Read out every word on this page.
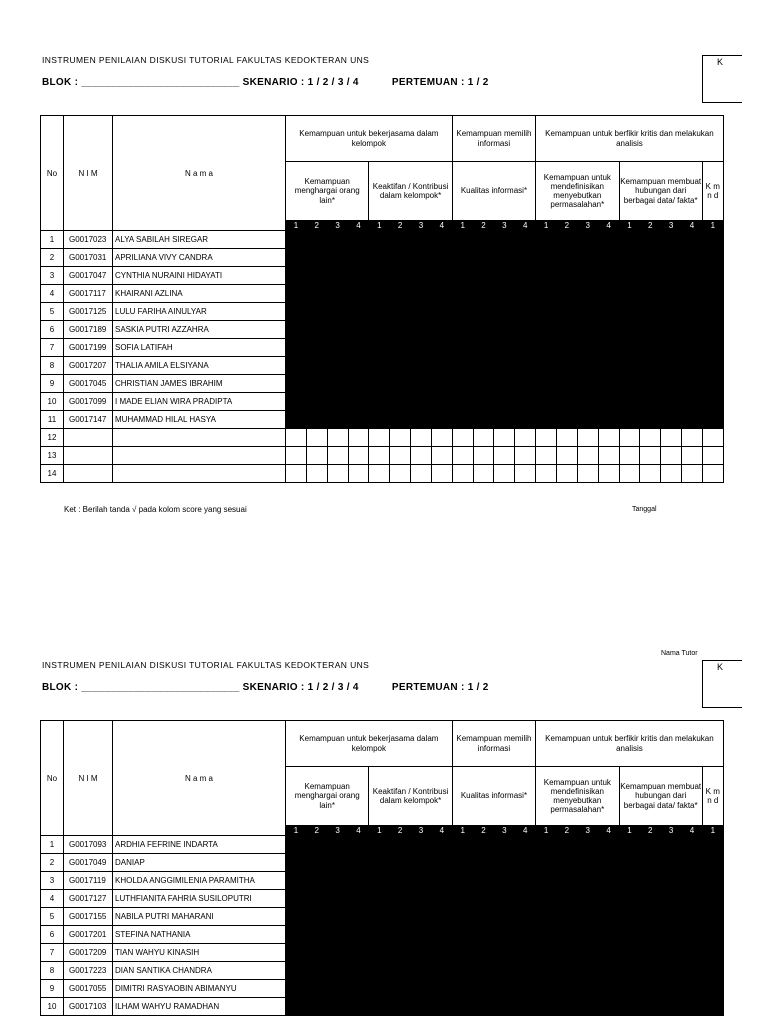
INSTRUMEN PENILAIAN DISKUSI TUTORIAL FAKULTAS KEDOKTERAN UNS
BLOK : ___________________________ SKENARIO : 1 / 2 / 3 / 4	PERTEMUAN : 1 / 2
K
No	N I M	N a m a	Kemampuan untuk bekerjasama dalam kelompok								Kemampuan memilih informasi				Kemampuan untuk berfikir kritis dan melakukan analisis								
			Kemampuan menghargai orang lain*				Keaktifan / Kontribusi dalam kelompok*				Kualitas informasi*				Kemampuan untuk mendefinisikan menyebutkan permasalahan*				Kemampuan membuat hubungan dari berbagai data/ fakta*				K m n d
			1	2	3	4	1	2	3	4	1	2	3	4	1	2	3	4	1	2	3	4	1
1	G0017023	ALYA SABILAH SIREGAR																					
2	G0017031	APRILIANA VIVY CANDRA																					
3	G0017047	CYNTHIA NURAINI HIDAYATI																					
4	G0017117	KHAIRANI AZLINA																					
5	G0017125	LULU FARIHA AINULYAR																					
6	G0017189	SASKIA PUTRI AZZAHRA																					
7	G0017199	SOFIA LATIFAH																					
8	G0017207	THALIA AMILA ELSIYANA																					
9	G0017045	CHRISTIAN JAMES IBRAHIM																					
10	G0017099	I MADE ELIAN WIRA PRADIPTA																					
11	G0017147	MUHAMMAD HILAL HASYA																					
12																							
13																							
14																							
Ket : Berilah tanda √ pada kolom score yang sesuai	Tanggal
Nama Tutor
INSTRUMEN PENILAIAN DISKUSI TUTORIAL FAKULTAS KEDOKTERAN UNS
BLOK : ___________________________ SKENARIO : 1 / 2 / 3 / 4	PERTEMUAN : 1 / 2
K
No	N I M	N a m a	Kemampuan untuk bekerjasama dalam kelompok								Kemampuan memilih informasi				Kemampuan untuk berfikir kritis dan melakukan analisis								
			Kemampuan menghargai orang lain*				Keaktifan / Kontribusi dalam kelompok*				Kualitas informasi*				Kemampuan untuk mendefinisikan menyebutkan permasalahan*				Kemampuan membuat hubungan dari berbagai data/ fakta*				K m n d
			1	2	3	4	1	2	3	4	1	2	3	4	1	2	3	4	1	2	3	4	1
1	G0017093	ARDHIA FEFRINE INDARTA																					
2	G0017049	DANIAP																					
3	G0017119	KHOLDA ANGGIMILENIA PARAMITHA																					
4	G0017127	LUTHFIANITA FAHRIA SUSILOPUTRI																					
5	G0017155	NABILA PUTRI MAHARANI																					
6	G0017201	STEFINA NATHANIA																					
7	G0017209	TIAN WAHYU KINASIH																					
8	G0017223	DIAN SANTIKA CHANDRA																					
9	G0017055	DIMITRI RASYAOBIN ABIMANYU																					
10	G0017103	ILHAM WAHYU RAMADHAN																					
